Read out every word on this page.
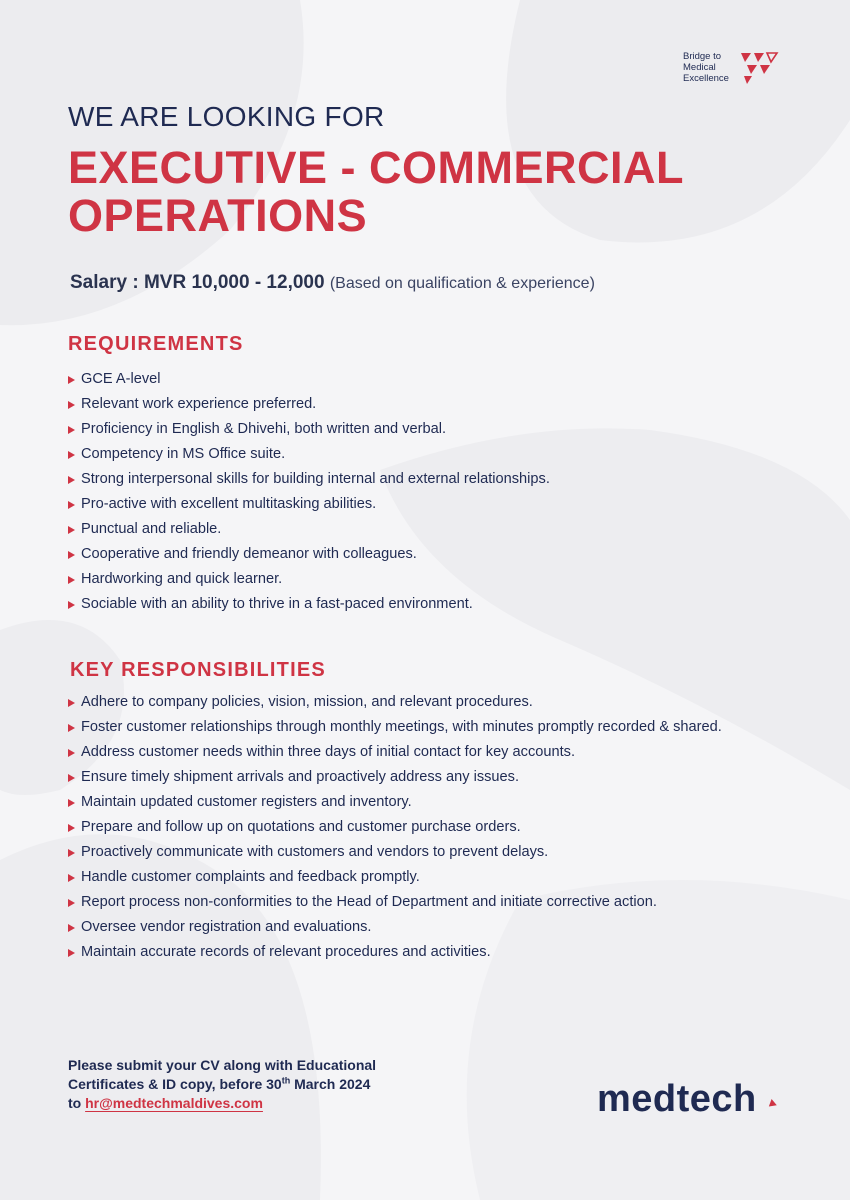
Bridge to
Medical
Excellence
WE ARE LOOKING FOR
EXECUTIVE - COMMERCIAL OPERATIONS
Salary : MVR 10,000 - 12,000 (Based on qualification & experience)
REQUIREMENTS
GCE A-level
Relevant work experience preferred.
Proficiency in English & Dhivehi, both written and verbal.
Competency in MS Office suite.
Strong interpersonal skills for building internal and external relationships.
Pro-active with excellent multitasking abilities.
Punctual and reliable.
Cooperative and friendly demeanor with colleagues.
Hardworking and quick learner.
Sociable with an ability to thrive in a fast-paced environment.
KEY RESPONSIBILITIES
Adhere to company policies, vision, mission, and relevant procedures.
Foster customer relationships through monthly meetings, with minutes promptly recorded & shared.
Address customer needs within three days of initial contact for key accounts.
Ensure timely shipment arrivals and proactively address any issues.
Maintain updated customer registers and inventory.
Prepare and follow up on quotations and customer purchase orders.
Proactively communicate with customers and vendors to prevent delays.
Handle customer complaints and feedback promptly.
Report process non-conformities to the Head of Department and initiate corrective action.
Oversee vendor registration and evaluations.
Maintain accurate records of relevant procedures and activities.
Please submit your CV along with Educational
Certificates & ID copy, before 30th March 2024
to hr@medtechmaldives.com	medtech
